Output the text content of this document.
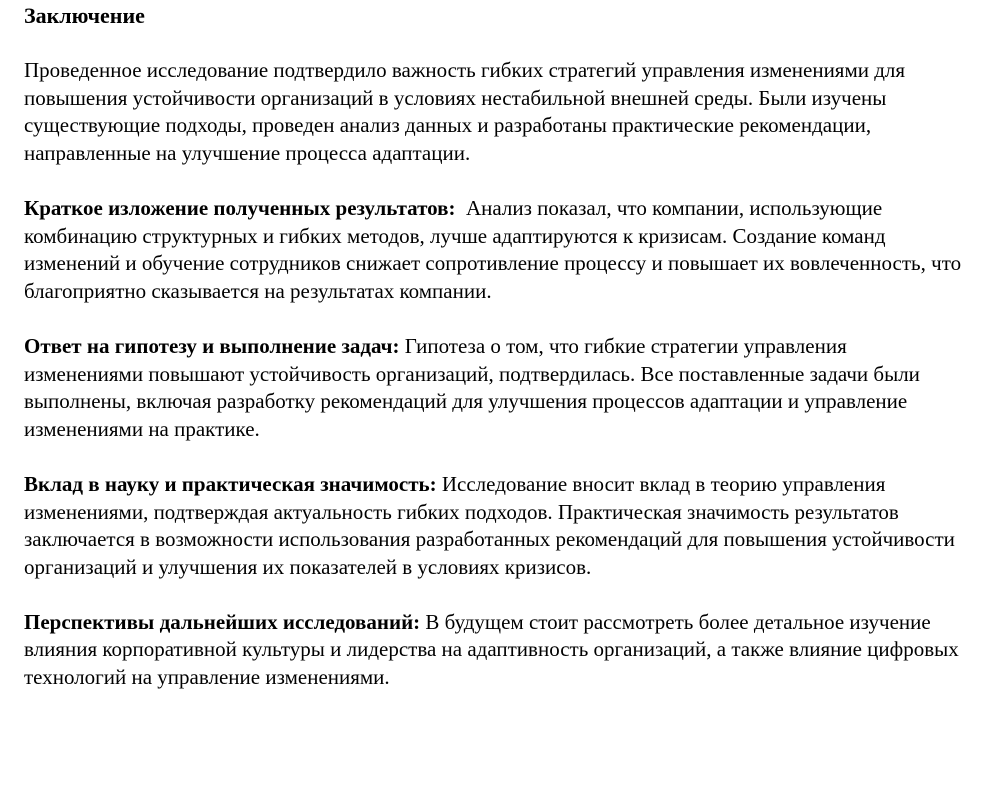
Заключение

Проведенное исследование подтвердило важность гибких стратегий управления изменениями для повышения устойчивости организаций в условиях нестабильной внешней среды. Были изучены существующие подходы, проведен анализ данных и разработаны практические рекомендации, направленные на улучшение процесса адаптации.

Краткое изложение полученных результатов:  Анализ показал, что компании, использующие комбинацию структурных и гибких методов, лучше адаптируются к кризисам. Создание команд изменений и обучение сотрудников снижает сопротивление процессу и повышает их вовлеченность, что благоприятно сказывается на результатах компании.

Ответ на гипотезу и выполнение задач: Гипотеза о том, что гибкие стратегии управления изменениями повышают устойчивость организаций, подтвердилась. Все поставленные задачи были выполнены, включая разработку рекомендаций для улучшения процессов адаптации и управление изменениями на практике.

Вклад в науку и практическая значимость: Исследование вносит вклад в теорию управления изменениями, подтверждая актуальность гибких подходов. Практическая значимость результатов заключается в возможности использования разработанных рекомендаций для повышения устойчивости организаций и улучшения их показателей в условиях кризисов.

Перспективы дальнейших исследований: В будущем стоит рассмотреть более детальное изучение влияния корпоративной культуры и лидерства на адаптивность организаций, а также влияние цифровых технологий на управление изменениями.
